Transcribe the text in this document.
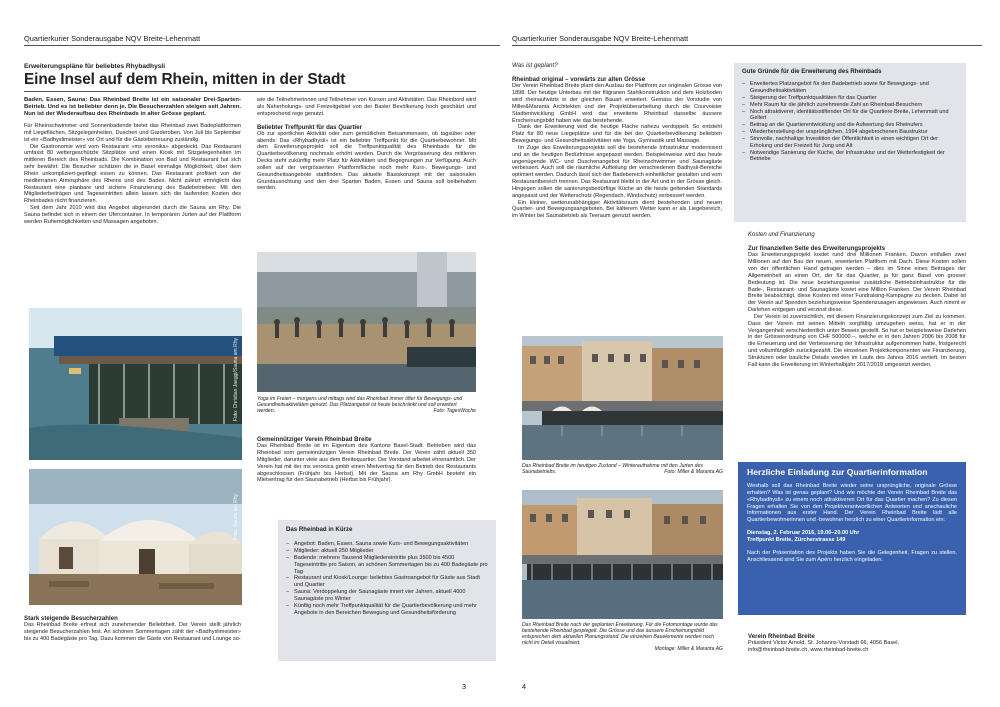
Quartierkurier Sonderausgabe NQV Breite-Lehenmatt
Erweiterungspläne für beliebtes Rhybadhysli
Eine Insel auf dem Rhein, mitten in der Stadt
Baden, Essen, Sauna: Das Rheinbad Breite ist ein saisonaler Drei-Sparten-Betrieb. Und es ist beliebter denn je. Die Besucherzahlen steigen seit Jahren. Nun ist der Wiederaufbau des Rheinbads in alter Grösse geplant.

Für Rheinschwimmer und Sonnenbadende bietet das Rheinbad zwei Badeplattformen mit Liegeflächen, Sitzgelegenheiten, Duschen und Garderoben. Von Juli bis September ist ein «Badhyslimeister» vor Ort und für die Gästebetreuung zuständig.

Die Gastronomie wird vom Restaurant «ms veronika» abgedeckt. Das Restaurant umfasst 80 wettergeschützte Sitzplätze und einen Kiosk mit Sitzgelegenheiten im mittleren Bereich des Rheinbads. Die Kombination von Bad und Restaurant hat sich sehr bewährt: Die Besucher schätzen die in Basel einmalige Möglichkeit, über dem Rhein unkompliziert-gepflegt essen zu können. Das Restaurant profitiert von der mediterranen Atmosphäre des Rheins und des Bades. Nicht zuletzt ermöglicht das Restaurant eine planbare und sichere Finanzierung des Badebetriebes: Mit den Mitgliederbeiträgen und Tageseintritten allein lassen sich die laufenden Kosten des Rheinbades nicht finanzieren.

Seit dem Jahr 2010 wird das Angebot abgerundet durch die Sauna am Rhy. Die Sauna befindet sich in einem der Ufercontainer. In temporären Jurten auf der Plattform werden Ruhemöglichkeiten und Massagen angeboten.

Foto: Christian Jaeggi/Sauna am Rhy
Foto: Sauna am Rhy
Stark steigende Besucherzahlen

Das Rheinbad Breite erfreut sich zunehmender Beliebtheit. Der Verein stellt jährlich steigende Besucherzahlen fest. An schönen Sommertagen zählt der «Badhyslimeister» bis zu 400 Badegäste pro Tag. Dazu kommen die Gäste von Restaurant und Lounge so-

wie die Teilnehmerinnen und Teilnehmer von Kursen und Aktivitäten. Das Rheinbord wird als Naherholungs- und Freizeitgebiet von der Basler Bevölkerung hoch geschätzt und entsprechend rege genutzt.

Beliebter Treffpunkt für das Quartier

Ob zur sportlichen Aktivität oder zum gemütlichen Beisammensein, ob tagsüber oder abends: Das «Rhybadhysli» ist ein beliebter Treffpunkt für die Quartierbewohner. Mit dem Erweiterungsprojekt soll die Treffpunktqualität des Rheinbads für die Quartierbevölkerung nochmals erhöht werden. Durch die Vergrösserung des mittleren Decks steht zukünftig mehr Platz für Aktivitäten und Begegnungen zur Verfügung. Auch sollen auf der vergrösserten Plattformfläche noch mehr Kurs-, Bewegungs- und Gesundheitsangebote stattfinden. Das aktuelle Basiskonzept mit der saisonalen Grundausrichtung und den drei Sparten Baden, Essen und Sauna soll beibehalten werden.

Yoga im Freien – morgens und mittags wird das Rheinbad immer öfter für Bewegungs- und Gesundheitsaktivitäten genutzt. Das Platzangebot ist heute beschränkt und soll erweitert werden.	Foto: TagesWoche
Gemeinnütziger Verein Rheinbad Breite

Das Rheinbad Breite ist im Eigentum des Kantons Basel-Stadt. Betrieben wird das Rheinbad vom gemeinnützigen Verein Rheinbad Breite. Der Verein zählt aktuell 350 Mitglieder, darunter viele aus dem Breitequartier. Der Vorstand arbeitet ehrenamtlich. Der Verein hat mit der ms veronica gmbh einen Mietvertrag für den Betrieb des Restaurants abgeschlossen (Frühjahr bis Herbst). Mit der Sauna am Rhy GmbH besteht ein Mietvertrag für den Saunabetrieb (Herbst bis Frühjahr).

Das Rheinbad in Kürze
– Angebot: Baden, Essen, Sauna sowie Kurs- und Bewegungsaktivitäten
– Mitglieder: aktuell 250 Mitglieder
– Badende: mehrere Tausend Mitgliedereintritte plus 3500 bis 4500 Tageseintritte pro Saison, an schönen Sommertagen bis zu 400 Badegäste pro Tag
– Restaurant und Kiosk/Lounge: beliebtes Gastroangebot für Gäste aus Stadt und Quartier
– Sauna: Verdoppelung der Saunagäste innert vier Jahren, aktuell 4000 Saunagäste pro Winter
– Künftig noch mehr Treffpunktqualität für die Quartierbevölkerung und mehr Angebote in den Bereichen Bewegung und Gesundheitsförderung
3
Quartierkurier Sonderausgabe NQV Breite-Lehenmatt
Was ist geplant?
Rheinbad original – vorwärts zur alten Grösse

Der Verein Rheinbad Breite plant den Ausbau der Plattform zur originalen Grösse von 1898. Der heutige Unterbau mit der filigranen Stahlkonstruktion und dem Holzboden wird rheinaufwärts in der gleichen Bauart erweitert. Gemäss der Vorstudie von Miller&Maranta Architekten und der Projektüberarbeitung durch die Courvoisier Stadtentwicklung GmbH wird das erweiterte Rheinbad dasselbe äussere Erscheinungsbild haben wie das bestehende.

Dank der Erweiterung wird die heutige Fläche nahezu verdoppelt. So entsteht Platz für 80 neue Liegeplätze und für die bei der Quartierbevölkerung beliebten Bewegungs- und Gesundheitsaktivitäten wie Yoga, Gymnastik und Massage.

Im Zuge des Erweiterungsprojekts soll die bestehende Infrastruktur modernisiert und an die heutigen Bedürfnisse angepasst werden. Beispielsweise wird das heute ungenügende WC- und Duschenangebot für Rheinschwimmer und Saunagäste verbessert. Auch soll die räumliche Aufteilung der verschiedenen Badhysli-Bereiche optimiert werden. Dadurch lässt sich der Badebereich einheitlicher gestalten und vom Restaurantbereich trennen. Das Restaurant bleibt in der Art und in der Grösse gleich. Hingegen sollen die sanierungsbedürftige Küche an die heute geltenden Standards angepasst und der Wetterschutz (Regendach, Windschutz) verbessert werden.

Ein kleiner, wetterunabhängiger Aktivitätsraum dient bestehenden und neuen Quartier- und Bewegungsangeboten. Bei kälterem Wetter kann er als Liegebereich, im Winter bei Saunabetrieb als Teeraum genutzt werden.

Das Rheinbad Breite im heutigen Zustand – Winteraufnahme mit den Jurten des Saunabetriebs.	Foto: Miller & Maranta AG
Das Rheinbad Breite nach der geplanten Erweiterung. Für die Fotomontage wurde das bestehende Rheinbad gespiegelt. Die Grösse und das äussere Erscheinungsbild entsprechen dem aktuellen Planungsstand. Die einzelnen Bauelemente wurden noch nicht im Detail visualisiert.
Montage: Miller & Maranta AG
Gute Gründe für die Erweiterung des Rheinbads
– Erweitertes Platzangebot für den Badebetrieb sowie für Bewegungs- und Gesundheitsaktivitäten
– Steigerung der Treffpunktqualitäten für das Quartier
– Mehr Raum für die jährlich zunehmende Zahl an Rheinbad-Besuchern
– Noch attraktiverer, identitätsstiftender Ort für die Quartiere Breite, Lehenmatt und Gellert
– Beitrag an die Quartierentwicklung und die Aufwertung des Rheinufers
– Wiederherstellung der ursprünglichen, 1994 abgebrochenen Baustruktur
– Sinnvolle, nachhaltige Investition der Öffentlichkeit in einen wichtigen Ort der Erholung und der Freizeit für Jung und Alt
– Notwendige Sanierung der Küche, der Infrastruktur und der Wetterfestigkeit der Betriebe
Kosten und Finanzierung
Zur finanziellen Seite des Erweiterungsprojekts

Das Erweiterungsprojekt kostet rund drei Millionen Franken. Davon entfallen zwei Millionen auf den Bau der neuen, erweiterten Plattform mit Dach. Diese Kosten sollen von der öffentlichen Hand getragen werden – dies im Sinne eines Beitrages der Allgemeinheit an einen Ort, der für das Quartier, ja für ganz Basel von grosser Bedeutung ist. Die neue beziehungsweise zusätzliche Betriebsinfrastruktur für die Bade-, Restaurant- und Saunagäste kostet eine Million Franken. Der Verein Rheinbad Breite beabsichtigt, diese Kosten mit einer Fundraising-Kampagne zu decken. Dabei ist der Verein auf Spenden beziehungsweise Spendenzusagen angewiesen. Auch nimmt er Darlehen entgegen und verzinst diese.

Der Verein ist zuversichtlich, mit diesem Finanzierungskonzept zum Ziel zu kommen. Dass der Verein mit seinen Mitteln sorgfältig umzugehen weiss, hat er in der Vergangenheit verschiedentlich unter Beweis gestellt. So hat er beispielsweise Darlehen in der Grössenordnung von CHF 500000.–, welche er in den Jahren 2006 bis 2008 für die Erneuerung und der Verbesserung der Infrastruktur aufgenommen hatte, fristgerecht und vollumfänglich zurückgezahlt. Die einzelnen Projektkomponenten wie Finanzierung, Strukturen oder bauliche Details werden im Laufe des Jahres 2016 vertieft. Im besten Fall kann die Erweiterung im Winterhalbjahr 2017/2018 umgesetzt werden.

Herzliche Einladung zur Quartierinformation

Weshalb soll das Rheinbad Breite wieder seine ursprüngliche, originale Grösse erhalten? Was ist genau geplant? Und wie möchte der Verein Rheinbad Breite das «Rhybadhysli» zu einem noch attraktiveren Ort für das Quartier machen? Zu diesen Fragen erhalten Sie von den Projektverantwortlichen Antworten und anschauliche Informationen aus erster Hand. Der Verein Rheinbad Breite lädt alle Quartierbewohnerinnen und -bewohner herzlich zu einer Quartierinformation ein:

Dienstag, 2. Februar 2016, 19.00–20.00 Uhr
Treffpunkt Breite, Zürcherstrasse 149

Nach der Präsentation des Projekts haben Sie die Gelegenheit, Fragen zu stellen. Anschliessend sind Sie zum Apéro herzlich eingeladen.

Verein Rheinbad Breite
Präsident Victor Arnold, St. Johanns-Vorstadt 66, 4056 Basel,
info@rheinbad-breite.ch, www.rheinbad-breite.ch
4
